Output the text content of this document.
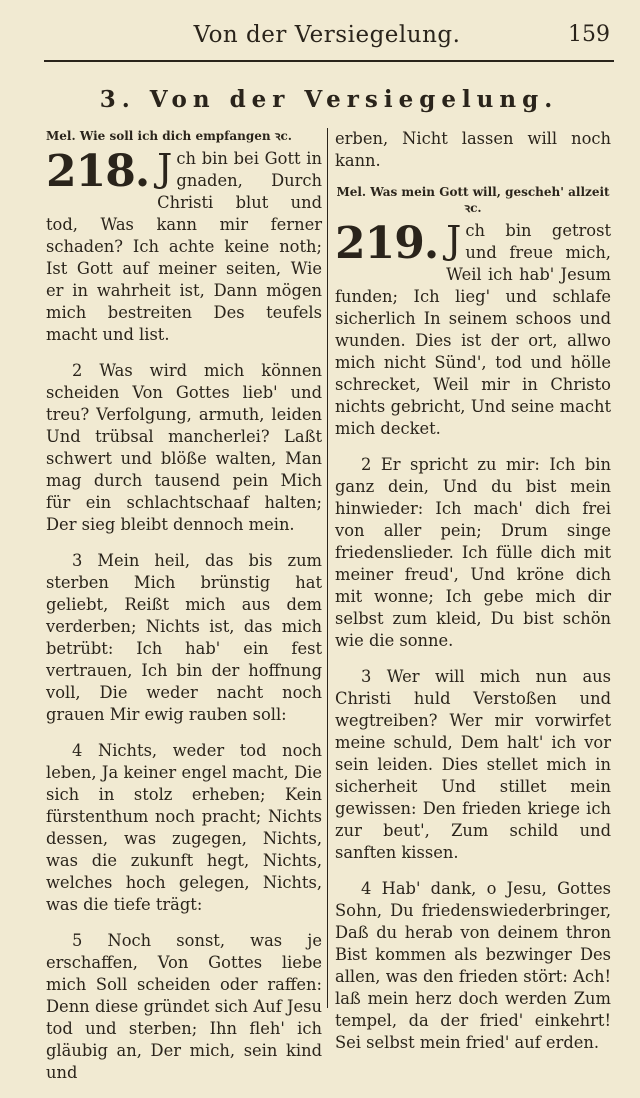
Von der Versiegelung.	159
3. Von der Versiegelung.
Mel. Wie soll ich dich empfangen ꝛc.

218. J ch bin bei Gott in gnaden, Durch Christi blut und tod, Was kann mir ferner schaden? Ich achte keine noth; Ist Gott auf meiner seiten, Wie er in wahrheit ist, Dann mögen mich bestreiten Des teufels macht und list.

2 Was wird mich können scheiden Von Gottes lieb' und treu? Verfolgung, armuth, leiden Und trübsal mancherlei? Laßt schwert und blöße walten, Man mag durch tausend pein Mich für ein schlachtschaaf halten; Der sieg bleibt dennoch mein.

3 Mein heil, das bis zum sterben Mich brünstig hat geliebt, Reißt mich aus dem verderben; Nichts ist, das mich betrübt: Ich hab' ein fest vertrauen, Ich bin der hoffnung voll, Die weder nacht noch grauen Mir ewig rauben soll:

4 Nichts, weder tod noch leben, Ja keiner engel macht, Die sich in stolz erheben; Kein fürstenthum noch pracht; Nichts dessen, was zugegen, Nichts, was die zukunft hegt, Nichts, welches hoch gelegen, Nichts, was die tiefe trägt:

5 Noch sonst, was je erschaffen, Von Gottes liebe mich Soll scheiden oder raffen: Denn diese gründet sich Auf Jesu tod und sterben; Ihn fleh' ich gläubig an, Der mich, sein kind und

erben, Nicht lassen will noch kann.

Mel. Was mein Gott will, gescheh' allzeit ꝛc.

219. J ch bin getrost und freue mich, Weil ich hab' Jesum funden; Ich lieg' und schlafe sicherlich In seinem schoos und wunden. Dies ist der ort, allwo mich nicht Sünd', tod und hölle schrecket, Weil mir in Christo nichts gebricht, Und seine macht mich decket.

2 Er spricht zu mir: Ich bin ganz dein, Und du bist mein hinwieder: Ich mach' dich frei von aller pein; Drum singe friedenslieder. Ich fülle dich mit meiner freud', Und kröne dich mit wonne; Ich gebe mich dir selbst zum kleid, Du bist schön wie die sonne.

3 Wer will mich nun aus Christi huld Verstoßen und wegtreiben? Wer mir vorwirfet meine schuld, Dem halt' ich vor sein leiden. Dies stellet mich in sicherheit Und stillet mein gewissen: Den frieden kriege ich zur beut', Zum schild und sanften kissen.

4 Hab' dank, o Jesu, Gottes Sohn, Du friedenswiederbringer, Daß du herab von deinem thron Bist kommen als bezwinger Des allen, was den frieden stört: Ach! laß mein herz doch werden Zum tempel, da der fried' einkehrt! Sei selbst mein fried' auf erden.
